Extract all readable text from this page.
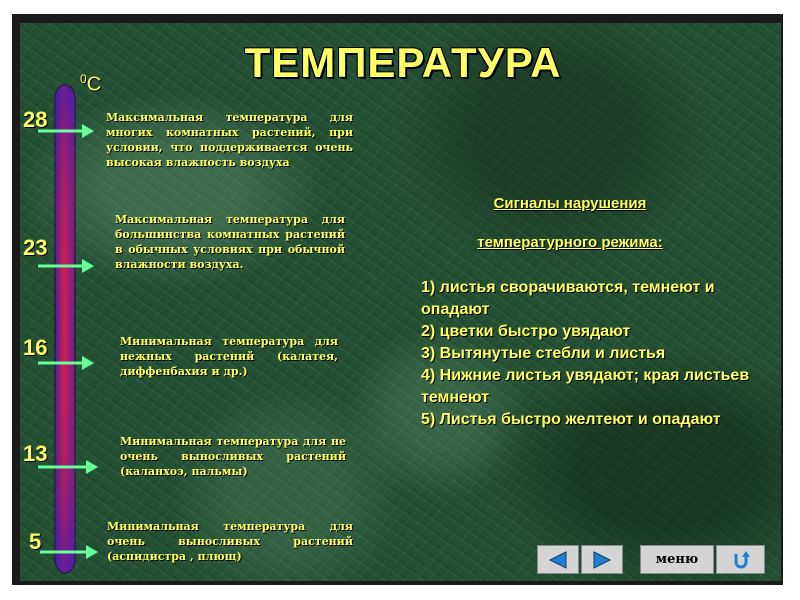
ТЕМПЕРАТУРА
$^0$С
28
23
16
13
5
Максимальная температура для многих комнатных растений, при условии, что поддерживается очень высокая влажность воздуха
Максимальная температура для большинства комнатных растений в обычных условиях при обычной влажности воздуха.
Минимальная температура для нежных растений (калатея, диффенбахия и др.)
Минимальная температура для не очень выносливых растений (каланхоэ, пальмы)
Минимальная температура для очень выносливых растений (аспидистра , плющ)
Сигналы нарушения
температурного режима:
1) листья сворачиваются, темнеют и опадают
2) цветки быстро увядают
3) Вытянутые стебли и листья
4) Нижние листья увядают; края листьев темнеют
5) Листья быстро желтеют и опадают
меню
